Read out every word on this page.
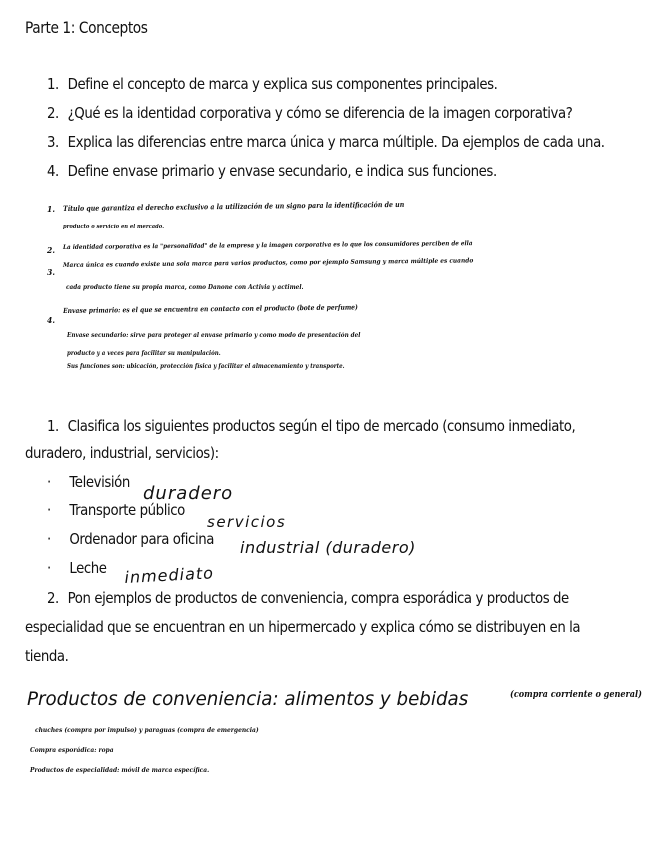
Parte 1: Conceptos
1. Define el concepto de marca y explica sus componentes principales.
2. ¿Qué es la identidad corporativa y cómo se diferencia de la imagen corporativa?
3. Explica las diferencias entre marca única y marca múltiple. Da ejemplos de cada una.
4. Define envase primario y envase secundario, e indica sus funciones.
1. Título que garantiza el derecho exclusivo a la utilización de un signo para la identificación de un
producto o servicio en el mercado.
2.
La identidad corporativa es la "personalidad" de la empresa y la imagen corporativa es lo que los consumidores perciben de ella
3.
Marca única es cuando existe una sola marca para varios productos, como por ejemplo Samsung y marca múltiple es cuando
cada producto tiene su propia marca, como Danone con Activia y actimel.
4.
Envase primario: es el que se encuentra en contacto con el producto (bote de perfume)
Envase secundario: sirve para proteger al envase primario y como modo de presentación del
producto y a veces para facilitar su manipulación.
Sus funciones son: ubicación, protección física y facilitar el almacenamiento y transporte.
1. Clasifica los siguientes productos según el tipo de mercado (consumo inmediato,
duradero, industrial, servicios):
· Televisión
· Transporte público
· Ordenador para oficina
· Leche
duradero
servicios
industrial (duradero)
inmediato
2. Pon ejemplos de productos de conveniencia, compra esporádica y productos de
especialidad que se encuentran en un hipermercado y explica cómo se distribuyen en la
tienda.
Productos de conveniencia: alimentos y bebidas	(compra corriente o general)
chuches (compra por impulso) y paraguas (compra de emergencia)
Compra esporádica: ropa
Productos de especialidad: móvil de marca específica.
